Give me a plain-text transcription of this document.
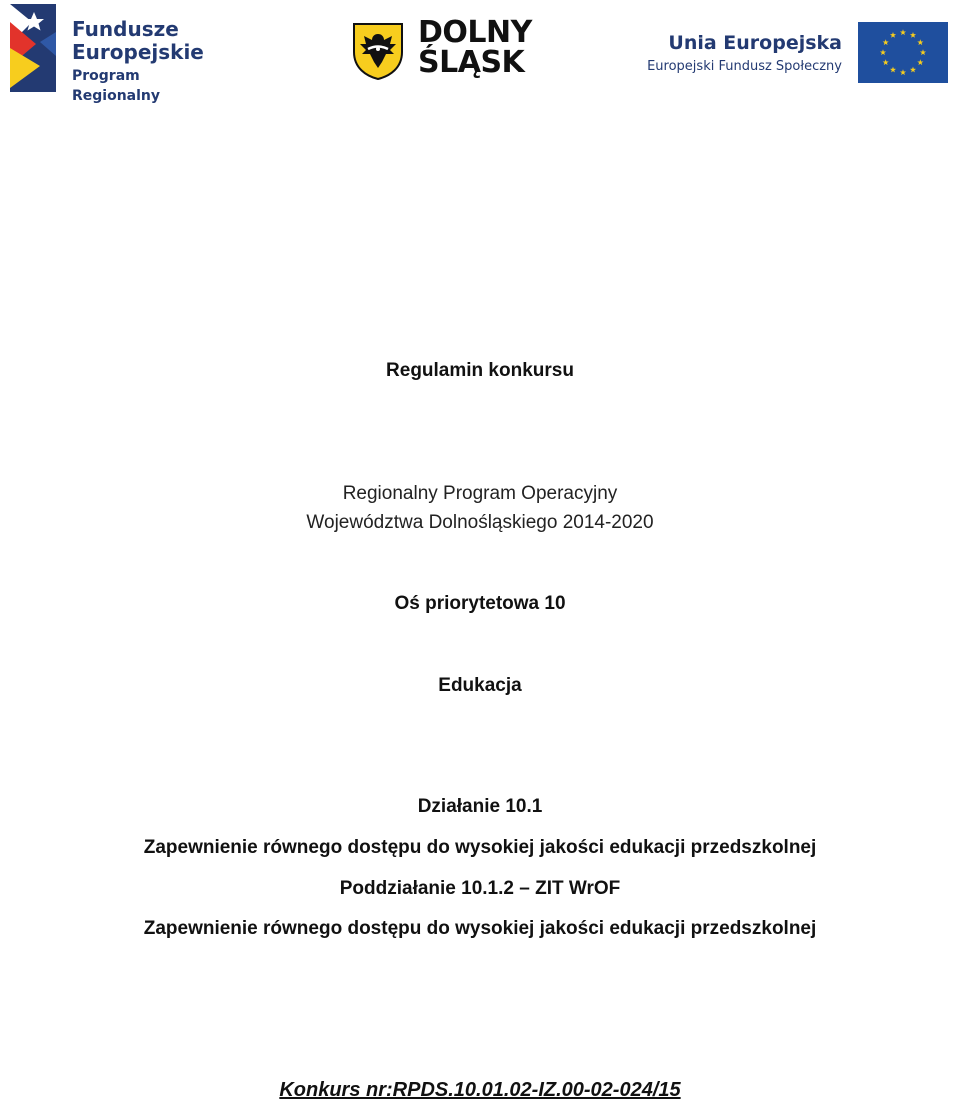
Fundusze
Europejskie
Program Regionalny
DOLNY
ŚLĄSK
Unia Europejska
Europejski Fundusz Społeczny
Regulamin konkursu
Regionalny Program Operacyjny
Województwa Dolnośląskiego 2014-2020
Oś priorytetowa 10
Edukacja
Działanie 10.1
Zapewnienie równego dostępu do wysokiej jakości edukacji przedszkolnej
Poddziałanie 10.1.2 – ZIT WrOF
Zapewnienie równego dostępu do wysokiej jakości edukacji przedszkolnej
Konkurs nr:RPDS.10.01.02-IZ.00-02-024/15
